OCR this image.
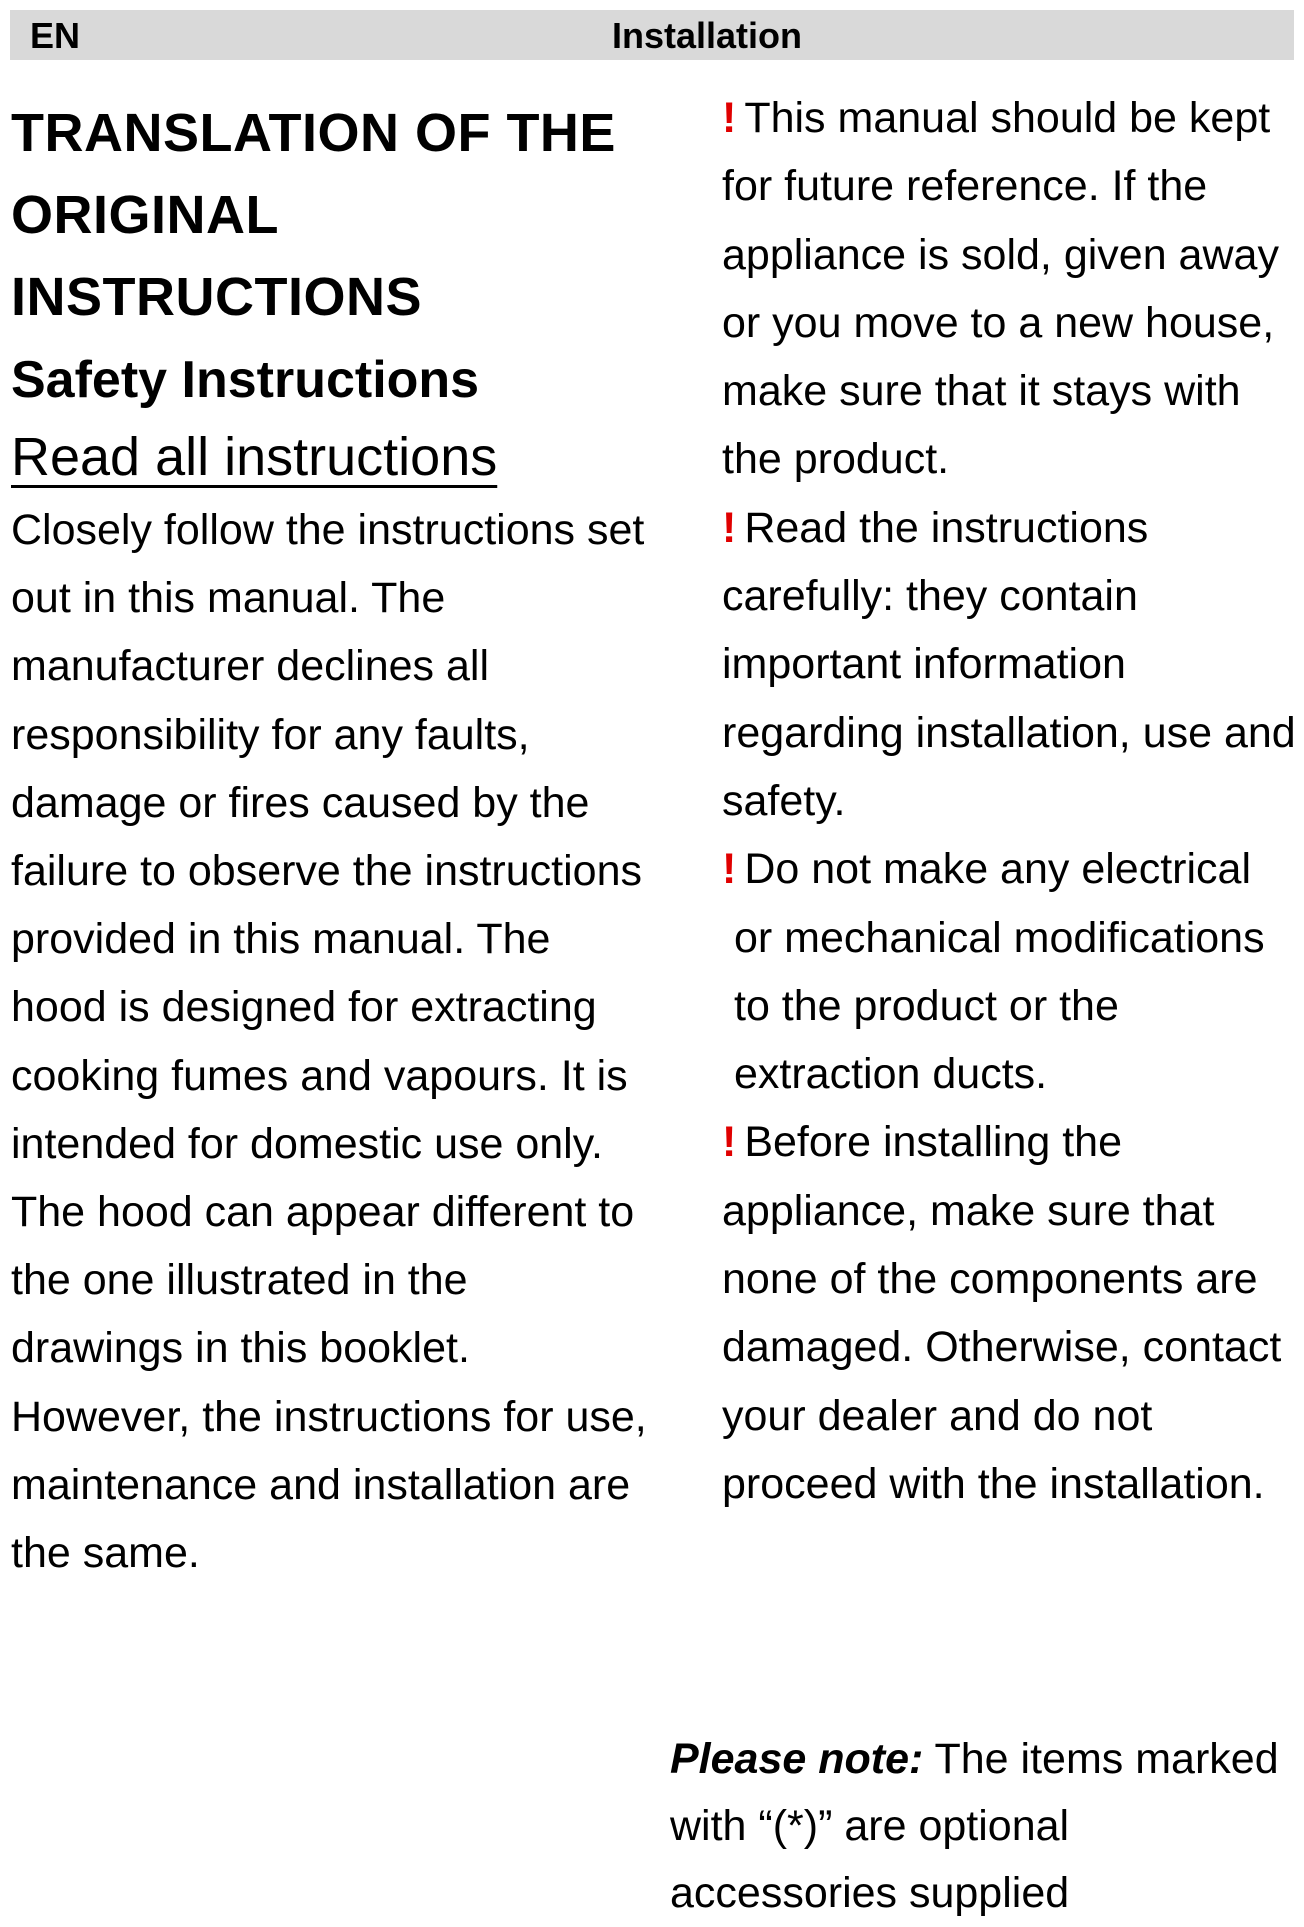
EN	Installation

TRANSLATION OF THE

ORIGINAL

INSTRUCTIONS

Safety Instructions

Read all instructions

Closely follow the instructions set out in this manual. The manufacturer declines all responsibility for any faults, damage or fires caused by the failure to observe the instructions provided in this manual. The hood is designed for extracting cooking fumes and vapours. It is intended for domestic use only.

The hood can appear different to the one illustrated in the drawings in this booklet. However, the instructions for use, maintenance and installation are the same.

! This manual should be kept for future reference. If the appliance is sold, given away or you move to a new house, make sure that it stays with the product.

! Read the instructions carefully: they contain important information regarding installation, use and safety.

! Do not make any electrical or mechanical modifications to the product or the extraction ducts.

! Before installing the appliance, make sure that none of the components are damaged. Otherwise, contact your dealer and do not proceed with the installation.

Please note: The items marked with “(*)” are optional accessories supplied
